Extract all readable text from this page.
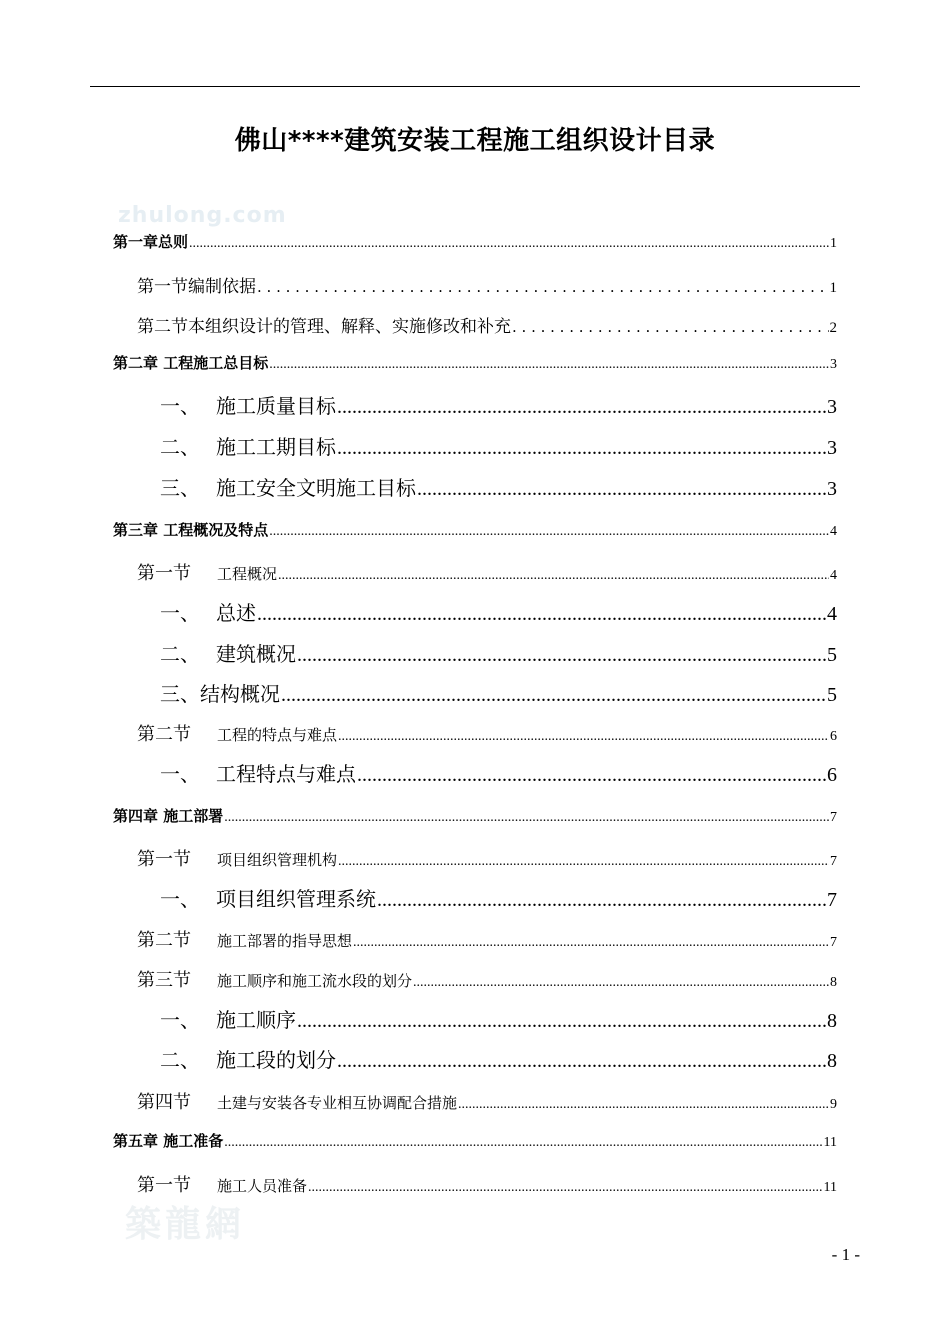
佛山****建筑安装工程施工组织设计目录
zhulong.com
第一章总则 .....	1
第一节编制依据 . . .	1
第二节本组织设计的管理、解释、实施修改和补充 . . .	2
第二章 工程施工总目标 .....	3
一、 施工质量目标 .....	3
二、 施工工期目标 .....	3
三、 施工安全文明施工目标 .....	3
第三章 工程概况及特点 .....	4
第一节 工程概况 .....	4
一、 总述 .....	4
二、 建筑概况 .....	5
三、结构概况 .....	5
第二节 工程的特点与难点 .....	6
一、 工程特点与难点 .....	6
第四章 施工部署 .....	7
第一节 项目组织管理机构 .....	7
一、 项目组织管理系统 .....	7
第二节 施工部署的指导思想 .....	7
第三节 施工顺序和施工流水段的划分 .....	8
一、 施工顺序 .....	8
二、 施工段的划分 .....	8
第四节 土建与安装各专业相互协调配合措施 .....	9
第五章 施工准备 .....	11
第一节 施工人员准备 .....	11
築龍網
- 1 -
